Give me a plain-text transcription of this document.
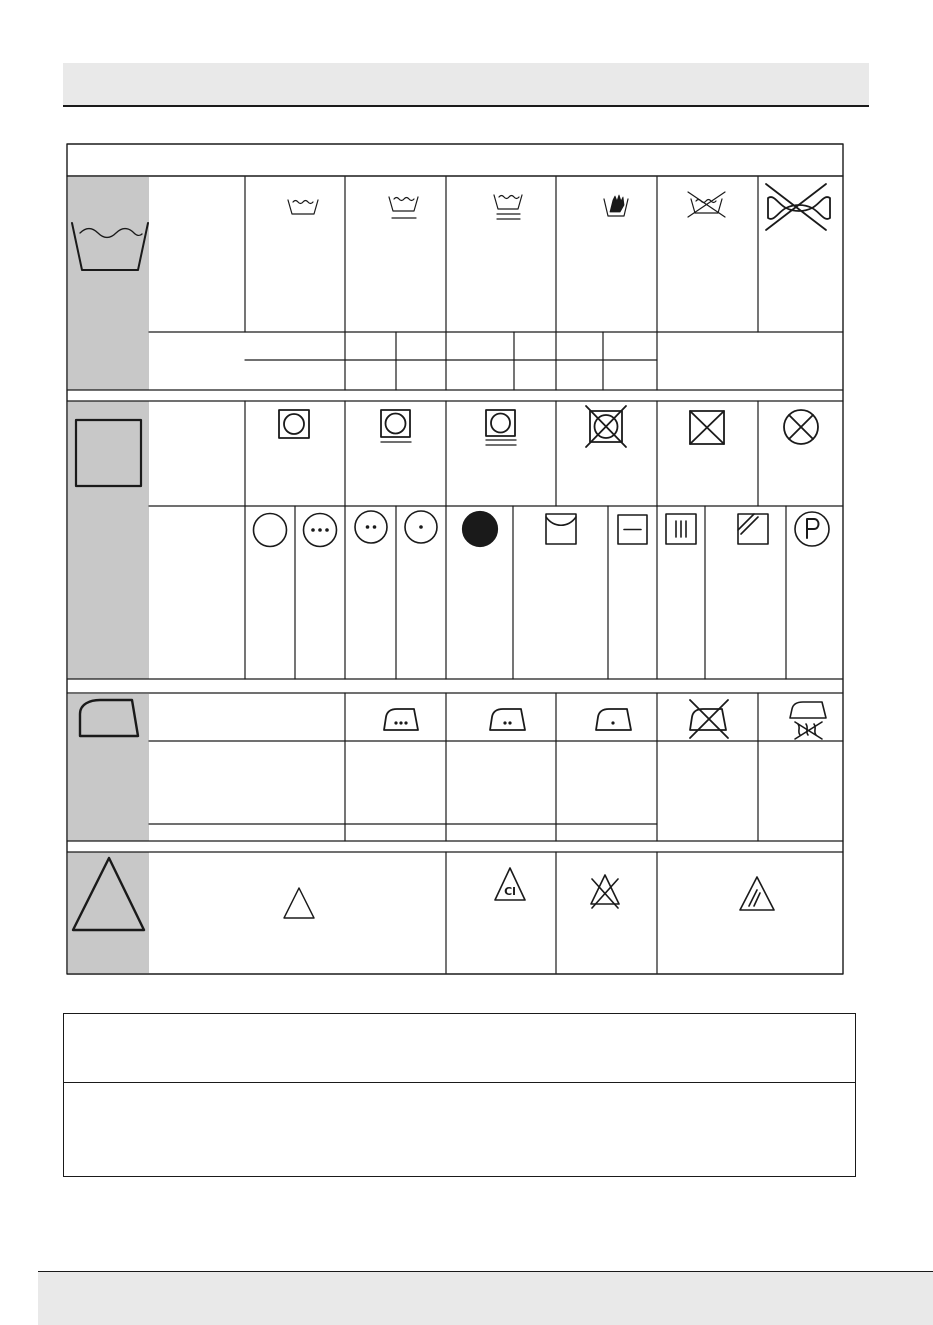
Cl
